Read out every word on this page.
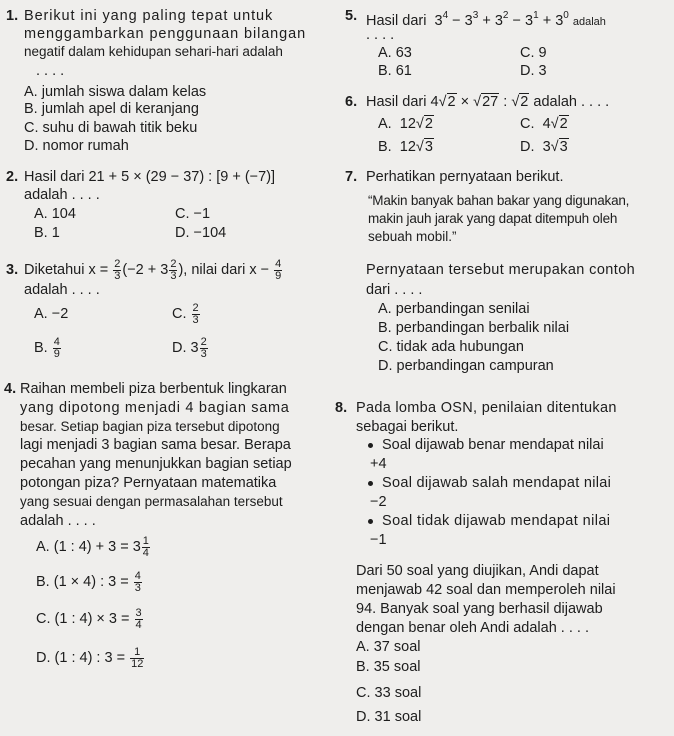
1. Berikut ini yang paling tepat untuk
menggambarkan penggunaan bilangan
negatif dalam kehidupan sehari-hari adalah
. . . .
A. jumlah siswa dalam kelas
B. jumlah apel di keranjang
C. suhu di bawah titik beku
D. nomor rumah
2. Hasil dari 21 + 5 × (29 − 37) : [9 + (−7)]
adalah . . . .
A. 104
B. 1
C. −1
D. −104
3. Diketahui $x = \frac{2}{3} (-2 + 3 \frac{2}{3}$ ), nilai dari $x - \frac{4}{9}$
adalah . . . .
A. −2
B. $\frac{4}{9}$
C. $\frac{2}{3}$
D. $3 \frac{2}{3}$
4. Raihan membeli piza berbentuk lingkaran
yang dipotong menjadi 4 bagian sama
besar. Setiap bagian piza tersebut dipotong
lagi menjadi 3 bagian sama besar. Berapa
pecahan yang menunjukkan bagian setiap
potongan piza? Pernyataan matematika
yang sesuai dengan permasalahan tersebut
adalah . . . .
A. (1 : $4) + 3 = 3 \frac{1}{4}$
B. (1 × 4) : $3 = \frac{4}{3}$
C. (1 : $4) \times 3 = \frac{3}{4}$
D. (1 : 4) : $3 = \frac{1}{12}$
5. Hasil dari $3^4 - 3^3 + 3^2 - 3^1 + 3^0$ adalah
. . . .
A. 63
B. 61
C. 9
D. 3
6. Hasil dari 4√2 × √27 : √2 adalah . . . .
A. 12√2
B. 12√3
C. 4√2
D. 3√3
7. Perhatikan pernyataan berikut.
“Makin banyak bahan bakar yang digunakan,
makin jauh jarak yang dapat ditempuh oleh
sebuah mobil.”
Pernyataan tersebut merupakan contoh
dari . . . .
A. perbandingan senilai
B. perbandingan berbalik nilai
C. tidak ada hubungan
D. perbandingan campuran
8. Pada lomba OSN, penilaian ditentukan
sebagai berikut.
Soal dijawab benar mendapat nilai
+4
Soal dijawab salah mendapat nilai
−2
Soal tidak dijawab mendapat nilai
−1
Dari 50 soal yang diujikan, Andi dapat
menjawab 42 soal dan memperoleh nilai
94. Banyak soal yang berhasil dijawab
dengan benar oleh Andi adalah . . . .
A. 37 soal
B. 35 soal
C. 33 soal
D. 31 soal
